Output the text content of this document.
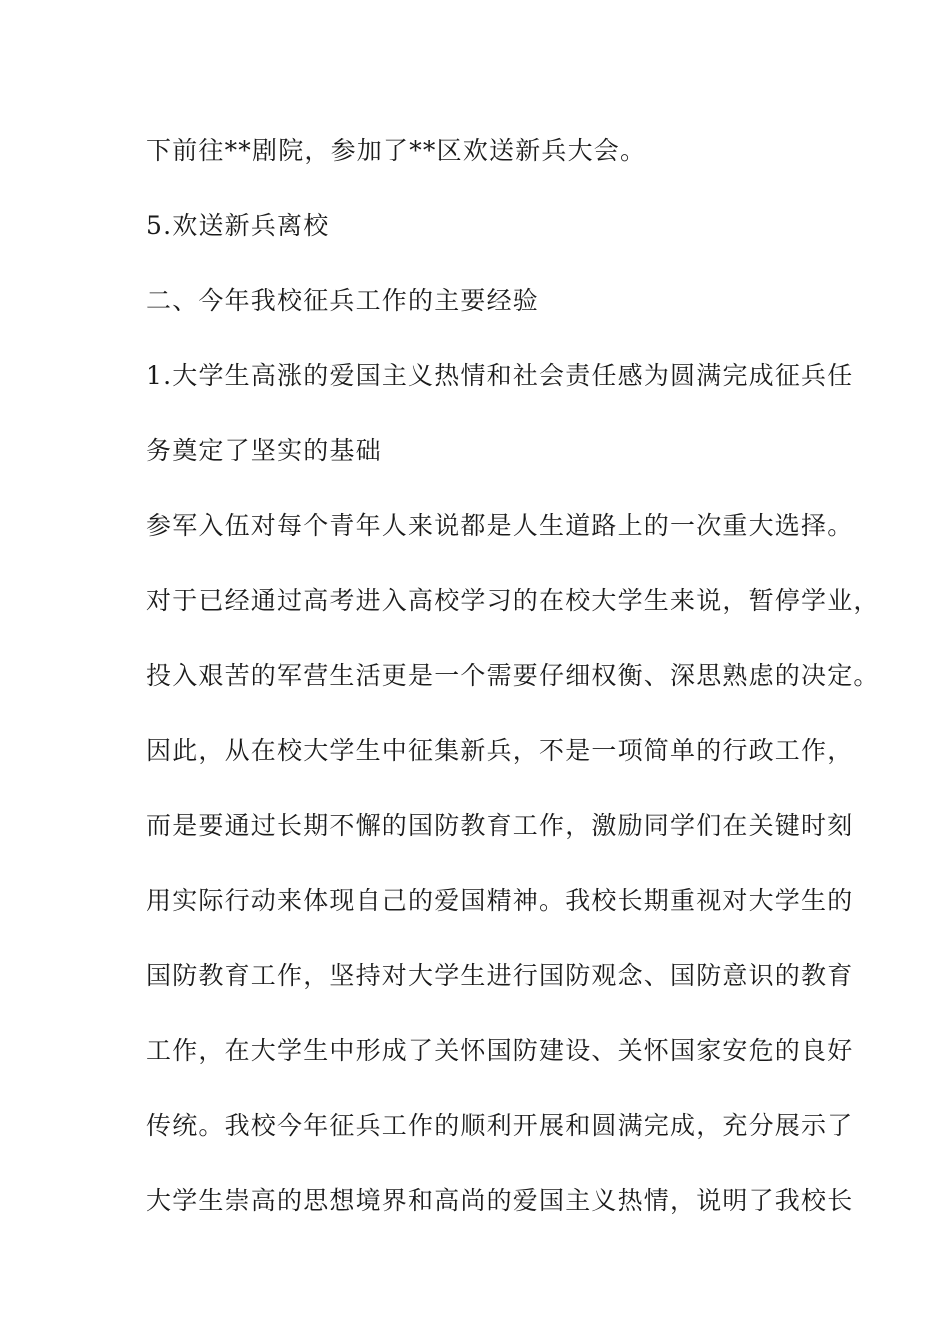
下前往**剧院，参加了**区欢送新兵大会。
5.欢送新兵离校
二、今年我校征兵工作的主要经验
1.大学生高涨的爱国主义热情和社会责任感为圆满完成征兵任
务奠定了坚实的基础
参军入伍对每个青年人来说都是人生道路上的一次重大选择。
对于已经通过高考进入高校学习的在校大学生来说，暂停学业，
投入艰苦的军营生活更是一个需要仔细权衡、深思熟虑的决定。
因此，从在校大学生中征集新兵，不是一项简单的行政工作，
而是要通过长期不懈的国防教育工作，激励同学们在关键时刻
用实际行动来体现自己的爱国精神。我校长期重视对大学生的
国防教育工作，坚持对大学生进行国防观念、国防意识的教育
工作，在大学生中形成了关怀国防建设、关怀国家安危的良好
传统。我校今年征兵工作的顺利开展和圆满完成，充分展示了
大学生崇高的思想境界和高尚的爱国主义热情，说明了我校长
